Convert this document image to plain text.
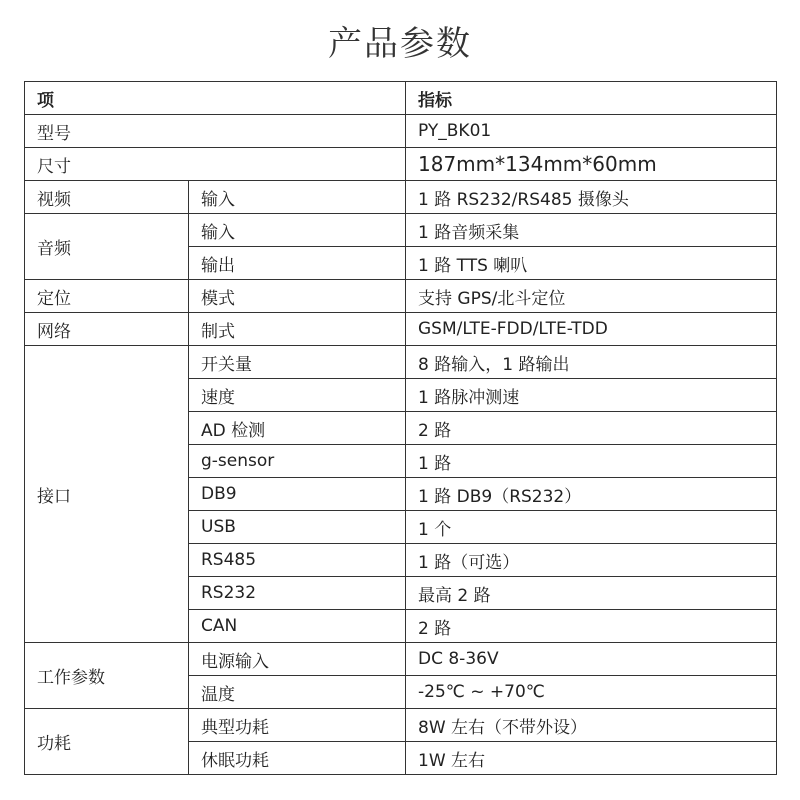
产品参数
项		指标
型号		PY_BK01
尺寸		187mm*134mm*60mm
视频	输入	1 路 RS232/RS485 摄像头
音频	输入	1 路音频采集
	输出	1 路 TTS 喇叭
定位	模式	支持 GPS/北斗定位
网络	制式	GSM/LTE-FDD/LTE-TDD
接口	开关量	8 路输入，1 路输出
	速度	1 路脉冲测速
	AD 检测	2 路
	g-sensor	1 路
	DB9	1 路 DB9（RS232）
	USB	1 个
	RS485	1 路（可选）
	RS232	最高 2 路
	CAN	2 路
工作参数	电源输入	DC 8-36V
	温度	-25℃ ~ +70℃
功耗	典型功耗	8W 左右（不带外设）
	休眠功耗	1W 左右
